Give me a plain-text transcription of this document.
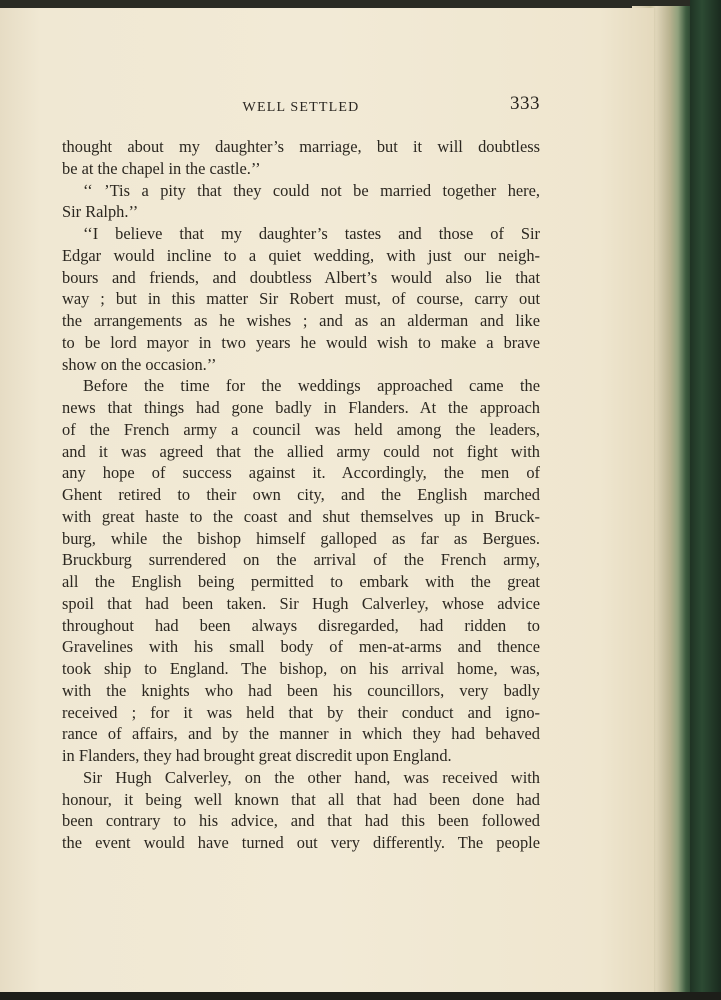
WELL SETTLED	333
thought about my daughter’s marriage, but it will doubtless
be at the chapel in the castle.’’
‘‘ ’Tis a pity that they could not be married together here,
Sir Ralph.’’
‘‘I believe that my daughter’s tastes and those of Sir
Edgar would incline to a quiet wedding, with just our neigh-
bours and friends, and doubtless Albert’s would also lie that
way ; but in this matter Sir Robert must, of course, carry out
the arrangements as he wishes ; and as an alderman and like
to be lord mayor in two years he would wish to make a brave
show on the occasion.’’
Before the time for the weddings approached came the
news that things had gone badly in Flanders. At the approach
of the French army a council was held among the leaders,
and it was agreed that the allied army could not fight with
any hope of success against it. Accordingly, the men of
Ghent retired to their own city, and the English marched
with great haste to the coast and shut themselves up in Bruck-
burg, while the bishop himself galloped as far as Bergues.
Bruckburg surrendered on the arrival of the French army,
all the English being permitted to embark with the great
spoil that had been taken. Sir Hugh Calverley, whose advice
throughout had been always disregarded, had ridden to
Gravelines with his small body of men-at-arms and thence
took ship to England. The bishop, on his arrival home, was,
with the knights who had been his councillors, very badly
received ; for it was held that by their conduct and igno-
rance of affairs, and by the manner in which they had behaved
in Flanders, they had brought great discredit upon England.
Sir Hugh Calverley, on the other hand, was received with
honour, it being well known that all that had been done had
been contrary to his advice, and that had this been followed
the event would have turned out very differently. The people
